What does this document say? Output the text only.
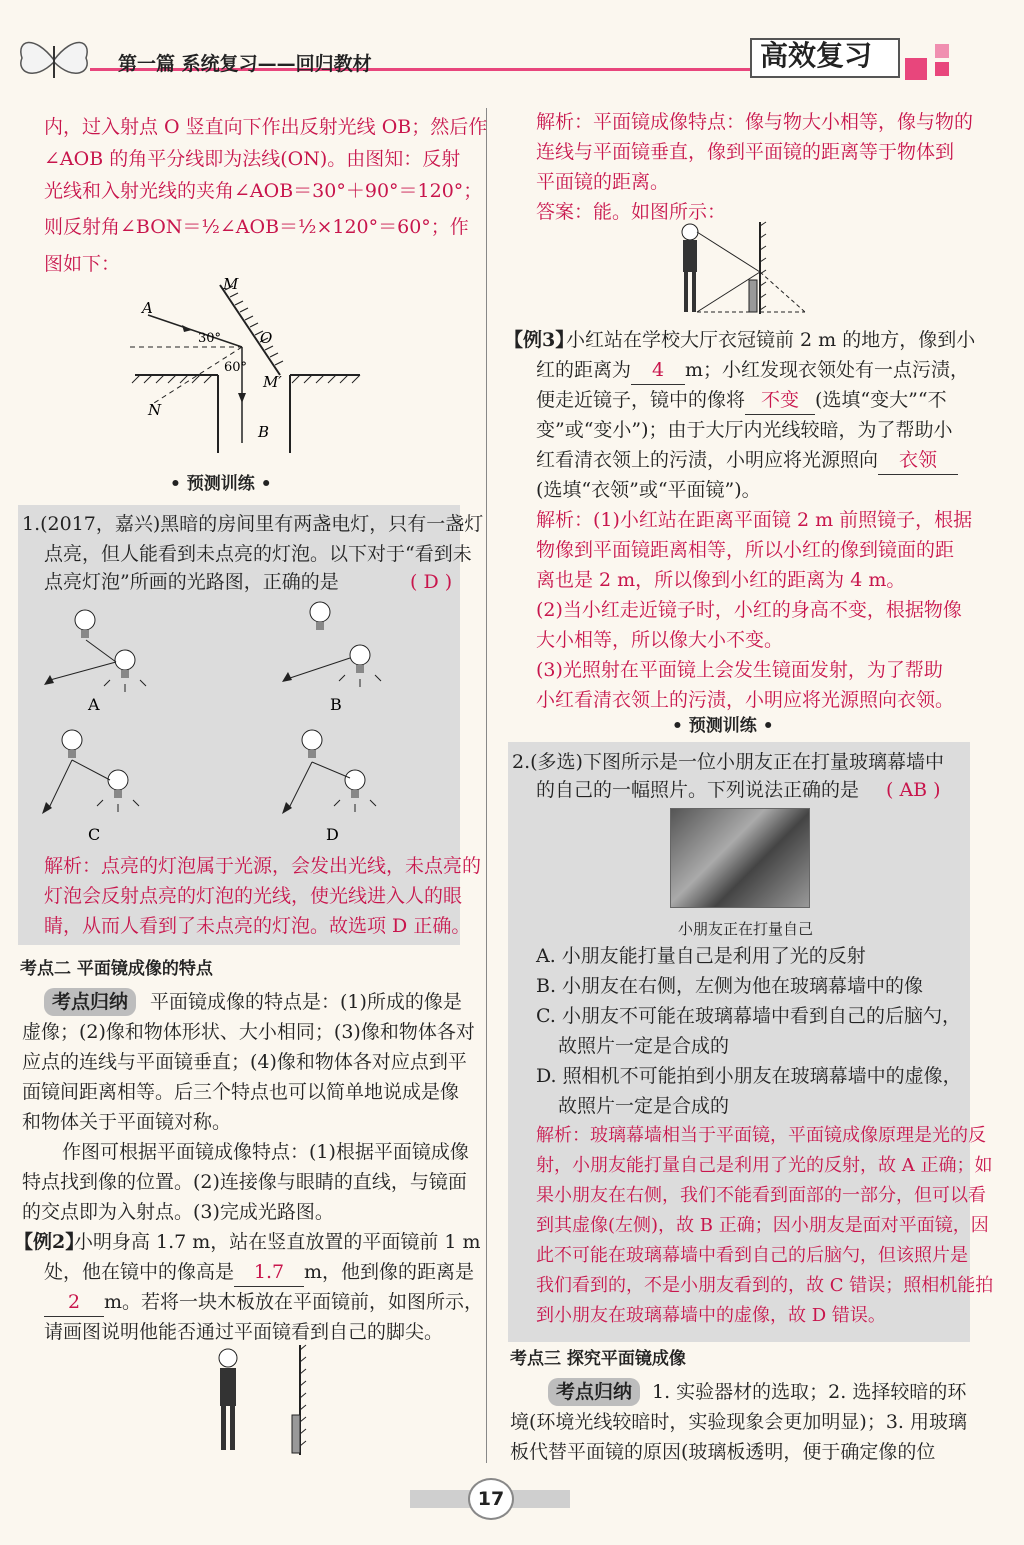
第一篇 系统复习——回归教材	高效复习
内，过入射点 O 竖直向下作出反射光线 OB；然后作
∠AOB 的角平分线即为法线(ON)。由图知：反射
光线和入射光线的夹角∠AOB＝30°＋90°＝120°；
则反射角∠BON＝½∠AOB＝½×120°＝60°；作
图如下：
A
M
O
M′
N
B
30°
60°
• 预测训练 •
1.(2017，嘉兴)黑暗的房间里有两盏电灯，只有一盏灯
点亮，但人能看到未点亮的灯泡。以下对于“看到未
点亮灯泡”所画的光路图，正确的是	( D )
A	B
C	D
解析：点亮的灯泡属于光源，会发出光线，未点亮的
灯泡会反射点亮的灯泡的光线，使光线进入人的眼
睛，从而人看到了未点亮的灯泡。故选项 D 正确。
考点二 平面镜成像的特点
考点归纳	平面镜成像的特点是：(1)所成的像是
虚像；(2)像和物体形状、大小相同；(3)像和物体各对
应点的连线与平面镜垂直；(4)像和物体各对应点到平
面镜间距离相等。后三个特点也可以简单地说成是像
和物体关于平面镜对称。
作图可根据平面镜成像特点：(1)根据平面镜成像
特点找到像的位置。(2)连接像与眼睛的直线，与镜面
的交点即为入射点。(3)完成光路图。
【例2】
小明身高 1.7 m，站在竖直放置的平面镜前 1 m
处，他在镜中的像高是 1.7 m，他到像的距离是
2 m。若将一块木板放在平面镜前，如图所示，
请画图说明他能否通过平面镜看到自己的脚尖。
解析：平面镜成像特点：像与物大小相等，像与物的
连线与平面镜垂直，像到平面镜的距离等于物体到
平面镜的距离。
答案：能。如图所示：
【例3】
小红站在学校大厅衣冠镜前 2 m 的地方，像到小
红的距离为 4 m；小红发现衣领处有一点污渍，
便走近镜子，镜中的像将 不变 (选填“变大”“不
变”或“变小”)；由于大厅内光线较暗，为了帮助小
红看清衣领上的污渍，小明应将光源照向 衣领
(选填“衣领”或“平面镜”)。
解析：(1)小红站在距离平面镜 2 m 前照镜子，根据
物像到平面镜距离相等，所以小红的像到镜面的距
离也是 2 m，所以像到小红的距离为 4 m。
(2)当小红走近镜子时，小红的身高不变，根据物像
大小相等，所以像大小不变。
(3)光照射在平面镜上会发生镜面发射，为了帮助
小红看清衣领上的污渍，小明应将光源照向衣领。
• 预测训练 •
2.(多选)下图所示是一位小朋友正在打量玻璃幕墙中
的自己的一幅照片。下列说法正确的是 ( AB )
小朋友正在打量自己
A. 小朋友能打量自己是利用了光的反射
B. 小朋友在右侧，左侧为他在玻璃幕墙中的像
C. 小朋友不可能在玻璃幕墙中看到自己的后脑勺，
故照片一定是合成的
D. 照相机不可能拍到小朋友在玻璃幕墙中的虚像，
故照片一定是合成的
解析：玻璃幕墙相当于平面镜，平面镜成像原理是光的反
射，小朋友能打量自己是利用了光的反射，故 A 正确；如
果小朋友在右侧，我们不能看到面部的一部分，但可以看
到其虚像(左侧)，故 B 正确；因小朋友是面对平面镜，因
此不可能在玻璃幕墙中看到自己的后脑勺，但该照片是
我们看到的，不是小朋友看到的，故 C 错误；照相机能拍
到小朋友在玻璃幕墙中的虚像，故 D 错误。
考点三 探究平面镜成像
考点归纳	1. 实验器材的选取；2. 选择较暗的环
境(环境光线较暗时，实验现象会更加明显)；3. 用玻璃
板代替平面镜的原因(玻璃板透明，便于确定像的位
17
